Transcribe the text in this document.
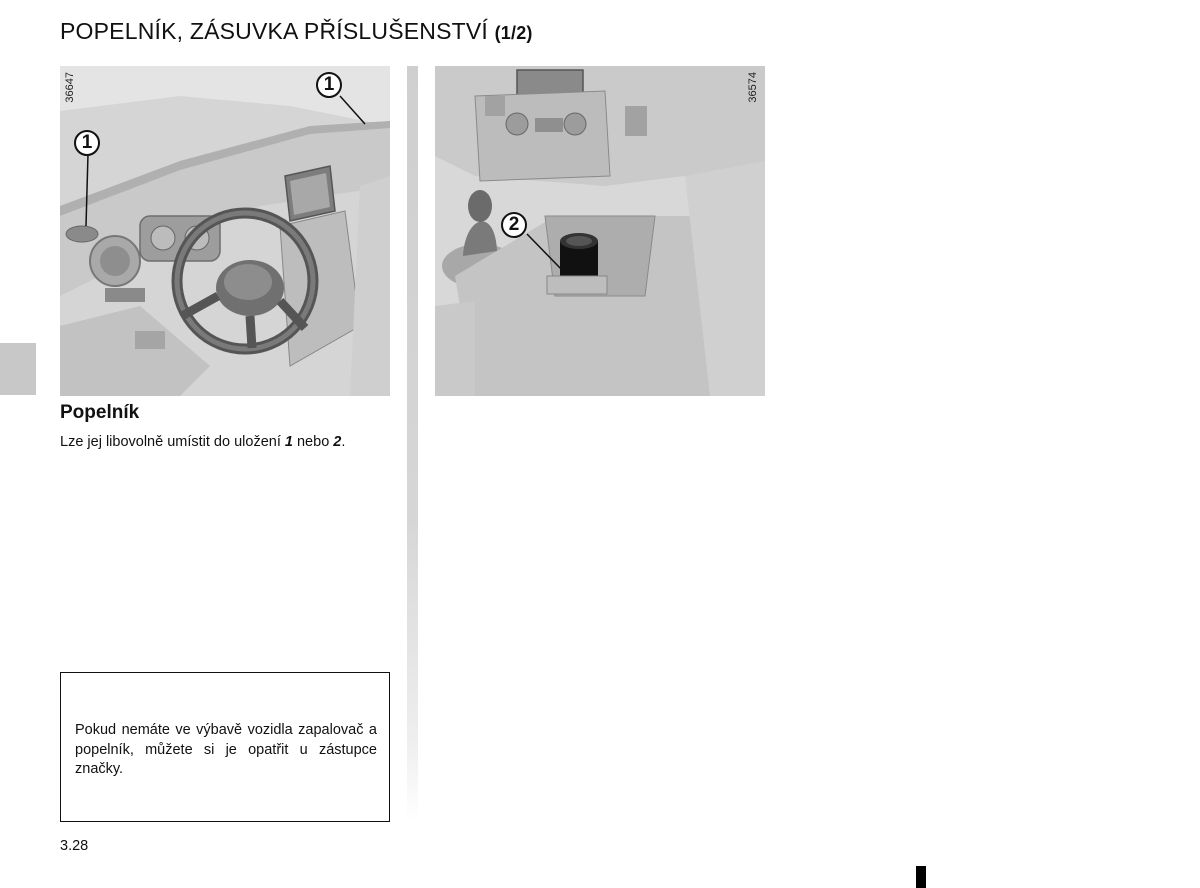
POPELNÍK, ZÁSUVKA PŘÍSLUŠENSTVÍ (1/2)
36647
1
1	36574
2
Popelník

Lze jej libovolně umístit do uložení 1 nebo 2.

Pokud nemáte ve výbavě vozidla zapalovač a popelník, můžete si je opatřit u zástupce značky.

3.28
